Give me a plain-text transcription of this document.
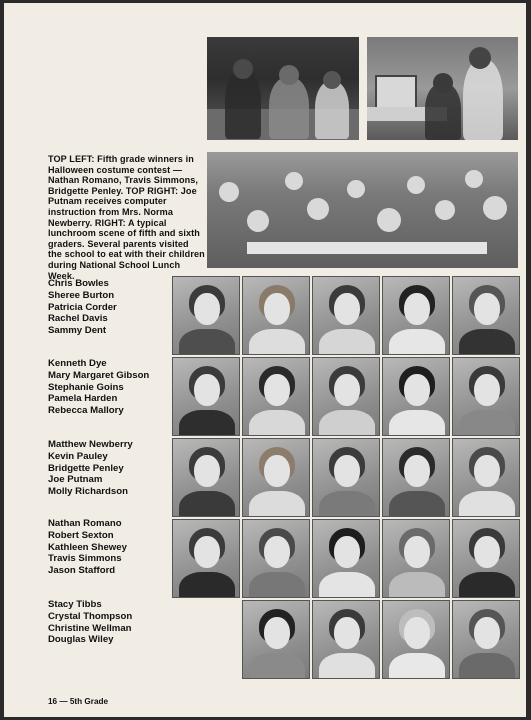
TOP LEFT: Fifth grade winners in Halloween costume contest — Nathan Romano, Travis Simmons, Bridgette Penley. TOP RIGHT: Joe Putnam receives computer instruction from Mrs. Norma Newberry. RIGHT: A typical lunchroom scene of fifth and sixth graders. Several parents visited the school to eat with their children during National School Lunch Week.
Chris Bowles
Sheree Burton
Patricia Corder
Rachel Davis
Sammy Dent
Kenneth Dye
Mary Margaret Gibson
Stephanie Goins
Pamela Harden
Rebecca Mallory
Matthew Newberry
Kevin Pauley
Bridgette Penley
Joe Putnam
Molly Richardson
Nathan Romano
Robert Sexton
Kathleen Shewey
Travis Simmons
Jason Stafford
Stacy Tibbs
Crystal Thompson
Christine Wellman
Douglas Wiley
16 — 5th Grade
